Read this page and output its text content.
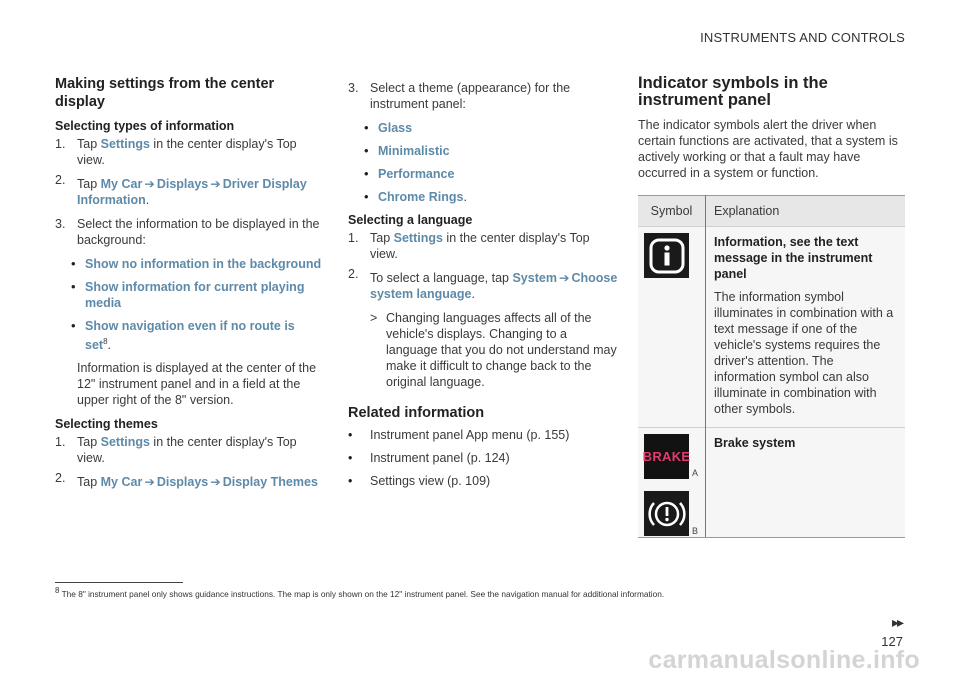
INSTRUMENTS AND CONTROLS
Making settings from the center display
Selecting types of information
1. Tap Settings in the center display's Top view.
2. Tap My Car ➔ Displays ➔ Driver Display Information.
3. Select the information to be displayed in the background:
• Show no information in the background
• Show information for current playing media
• Show navigation even if no route is set$^8$.

Information is displayed at the center of the 12" instrument panel and in a field at the upper right of the 8" version.

Selecting themes
1. Tap Settings in the center display's Top view.
2. Tap My Car ➔ Displays ➔ Display Themes
3. Select a theme (appearance) for the instrument panel:
• Glass
• Minimalistic
• Performance
• Chrome Rings.
Selecting a language
1. Tap Settings in the center display's Top view.
2. To select a language, tap System ➔ Choose system language.
> Changing languages affects all of the vehicle's displays. Changing to a language that you do not understand may make it difficult to change back to the original language.
Related information
• Instrument panel App menu (p. 155)
• Instrument panel (p. 124)
• Settings view (p. 109)
Indicator symbols in the instrument panel

The indicator symbols alert the driver when certain functions are activated, that a system is actively working or that a fault may have occurred in a system or function.

Symbol	Explanation

Information, see the text message in the instrument panel
The information symbol illuminates in combination with a text message if one of the vehicle's systems requires the driver's attention. The information symbol can also illuminate in combination with other symbols.

BRAKE
A
B	Brake system
$^8$ The 8" instrument panel only shows guidance instructions. The map is only shown on the 12" instrument panel. See the navigation manual for additional information.
▸▸
127
carmanualsonline.info
